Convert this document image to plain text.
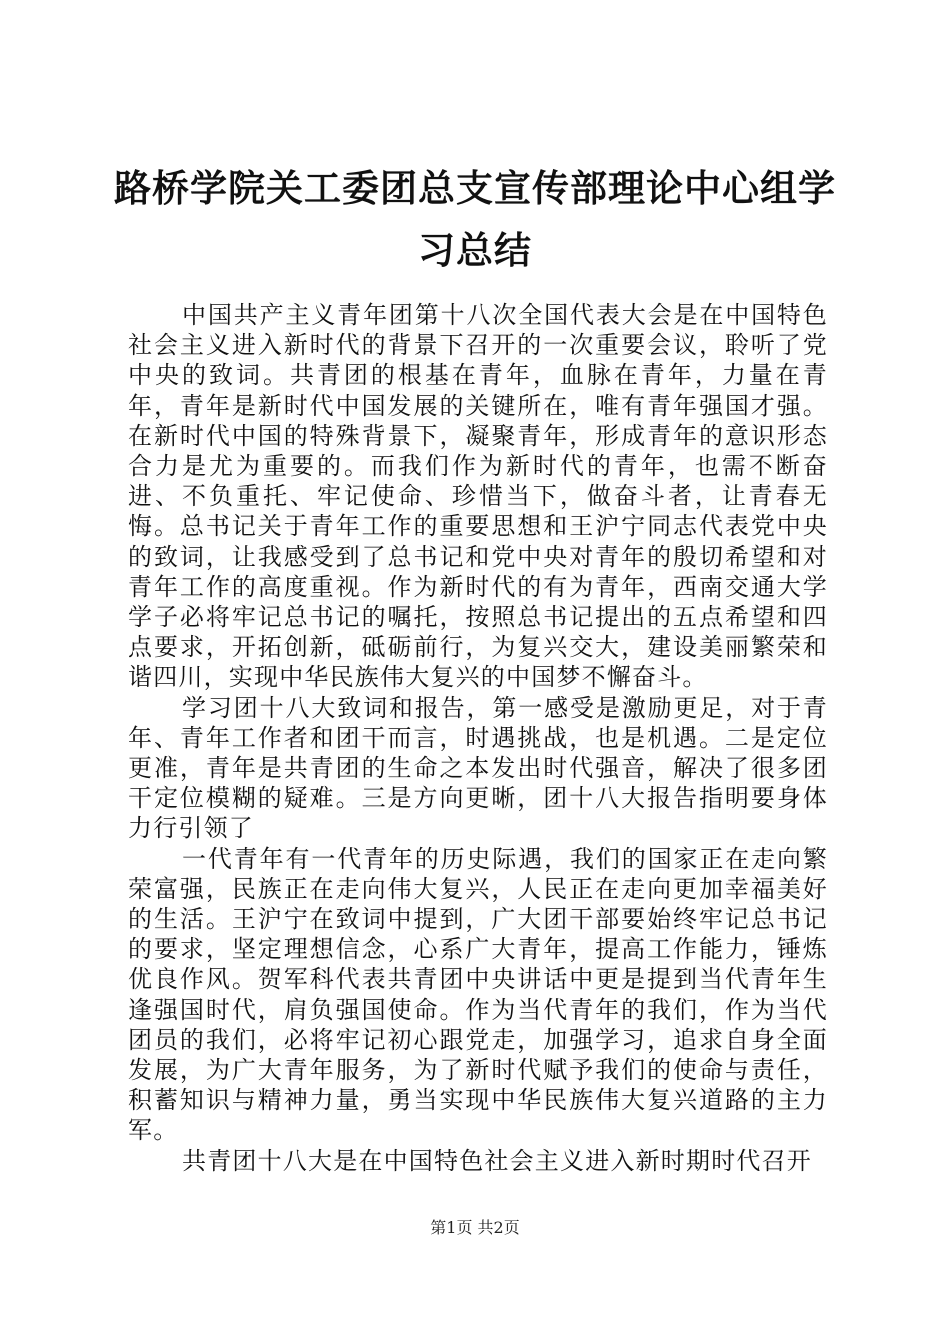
路桥学院关工委团总支宣传部理论中心组学习总结

中国共产主义青年团第十八次全国代表大会是在中国特色社会主义进入新时代的背景下召开的一次重要会议，聆听了党中央的致词。共青团的根基在青年，血脉在青年，力量在青年，青年是新时代中国发展的关键所在，唯有青年强国才强。在新时代中国的特殊背景下，凝聚青年，形成青年的意识形态合力是尤为重要的。而我们作为新时代的青年，也需不断奋进、不负重托、牢记使命、珍惜当下，做奋斗者，让青春无悔。总书记关于青年工作的重要思想和王沪宁同志代表党中央的致词，让我感受到了总书记和党中央对青年的殷切希望和对青年工作的高度重视。作为新时代的有为青年，西南交通大学学子必将牢记总书记的嘱托，按照总书记提出的五点希望和四点要求，开拓创新，砥砺前行，为复兴交大，建设美丽繁荣和谐四川，实现中华民族伟大复兴的中国梦不懈奋斗。

学习团十八大致词和报告，第一感受是激励更足，对于青年、青年工作者和团干而言，时遇挑战，也是机遇。二是定位更准，青年是共青团的生命之本发出时代强音，解决了很多团干定位模糊的疑难。三是方向更晰，团十八大报告指明要身体力行引领了

一代青年有一代青年的历史际遇，我们的国家正在走向繁荣富强，民族正在走向伟大复兴，人民正在走向更加幸福美好的生活。王沪宁在致词中提到，广大团干部要始终牢记总书记的要求，坚定理想信念，心系广大青年，提高工作能力，锤炼优良作风。贺军科代表共青团中央讲话中更是提到当代青年生逢强国时代，肩负强国使命。作为当代青年的我们，作为当代团员的我们，必将牢记初心跟党走，加强学习，追求自身全面发展，为广大青年服务，为了新时代赋予我们的使命与责任，积蓄知识与精神力量，勇当实现中华民族伟大复兴道路的主力军。

共青团十八大是在中国特色社会主义进入新时期时代召开

第1页 共2页
